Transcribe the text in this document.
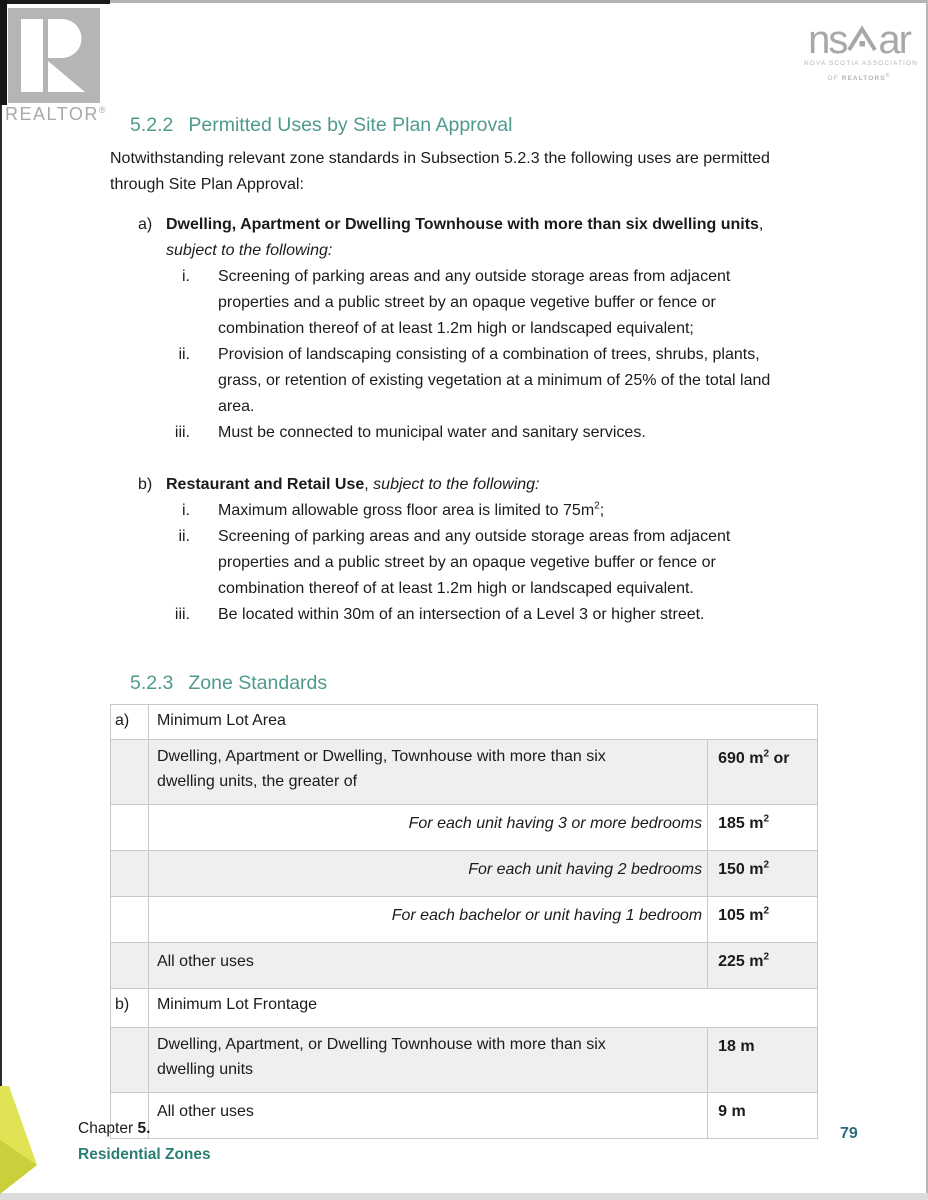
REALTOR®
ns ar
NOVA SCOTIA ASSOCIATION
OF REALTORS®
5.2.2 Permitted Uses by Site Plan Approval

Notwithstanding relevant zone standards in Subsection 5.2.3 the following uses are permitted through Site Plan Approval:

a) Dwelling, Apartment or Dwelling Townhouse with more than six dwelling units, subject to the following:
i.	Screening of parking areas and any outside storage areas from adjacent properties and a public street by an opaque vegetive buffer or fence or combination thereof of at least 1.2m high or landscaped equivalent;
ii.	Provision of landscaping consisting of a combination of trees, shrubs, plants, grass, or retention of existing vegetation at a minimum of 25% of the total land area.
iii.	Must be connected to municipal water and sanitary services.
b) Restaurant and Retail Use, subject to the following:
i.	Maximum allowable gross floor area is limited to $75m^2$;
ii.	Screening of parking areas and any outside storage areas from adjacent properties and a public street by an opaque vegetive buffer or fence or combination thereof of at least 1.2m high or landscaped equivalent.
iii.	Be located within 30m of an intersection of a Level 3 or higher street.
5.2.3 Zone Standards
a)	Minimum Lot Area	
	Dwelling, Apartment or Dwelling, Townhouse with more than six dwelling units, the greater of	690 $m^2$ or
	For each unit having 3 or more bedrooms	185 $m^2$
	For each unit having 2 bedrooms	150 $m^2$
	For each bachelor or unit having 1 bedroom	105 $m^2$
	All other uses	225 $m^2$
b)	Minimum Lot Frontage	
	Dwelling, Apartment, or Dwelling Townhouse with more than six dwelling units	18 m
	All other uses	9 m
Chapter 5.
Residential Zones
79
